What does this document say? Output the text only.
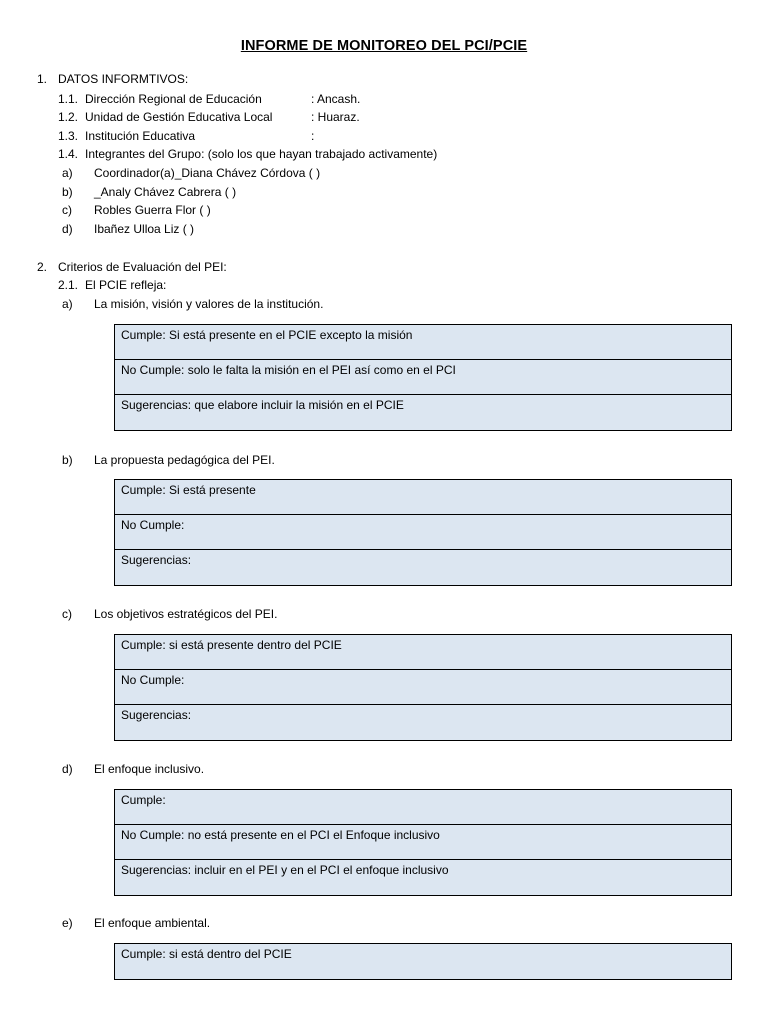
INFORME DE MONITOREO DEL PCI/PCIE
1. DATOS INFORMTIVOS:
1.1. Dirección Regional de Educación	: Ancash.
1.2. Unidad de Gestión Educativa Local	: Huaraz.
1.3. Institución Educativa	:
1.4. Integrantes del Grupo: (solo los que hayan trabajado activamente)
a) Coordinador(a)_Diana Chávez Córdova ( )
b) _Analy Chávez Cabrera ( )
c) Robles Guerra Flor ( )
d) Ibañez Ulloa Liz ( )
2. Criterios de Evaluación del PEI:
2.1. El PCIE refleja:
a) La misión, visión y valores de la institución.
Cumple: Si está presente en el PCIE excepto la misión
No Cumple: solo le falta la misión en el PEI así como en el PCI
Sugerencias: que elabore incluir la misión en el PCIE
b) La propuesta pedagógica del PEI.
Cumple: Si está presente
No Cumple:
Sugerencias:
c) Los objetivos estratégicos del PEI.
Cumple: si está presente dentro del PCIE
No Cumple:
Sugerencias:
d) El enfoque inclusivo.
Cumple:
No Cumple: no está presente en el PCI el Enfoque inclusivo
Sugerencias: incluir en el PEI y en el PCI el enfoque inclusivo
e) El enfoque ambiental.
Cumple: si está dentro del PCIE
